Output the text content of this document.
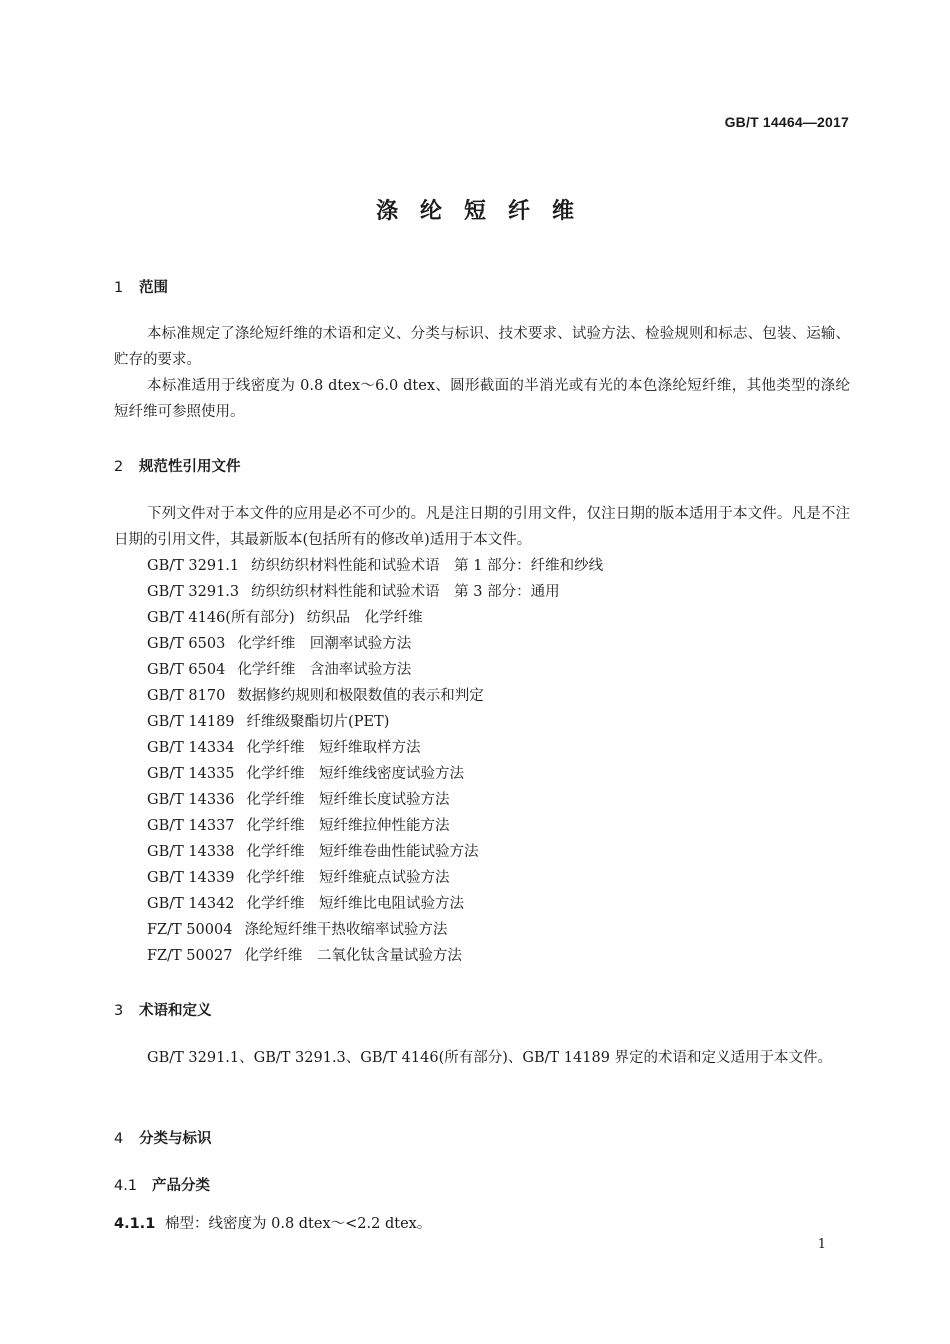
GB/T 14464—2017
涤纶短纤维
1 范围
本标准规定了涤纶短纤维的术语和定义、分类与标识、技术要求、试验方法、检验规则和标志、包装、运输、贮存的要求。
本标准适用于线密度为 0.8 dtex～6.0 dtex、圆形截面的半消光或有光的本色涤纶短纤维，其他类型的涤纶短纤维可参照使用。
2 规范性引用文件
下列文件对于本文件的应用是必不可少的。凡是注日期的引用文件，仅注日期的版本适用于本文件。凡是不注日期的引用文件，其最新版本(包括所有的修改单)适用于本文件。
GB/T 3291.1 纺织纺织材料性能和试验术语　第 1 部分：纤维和纱线
GB/T 3291.3 纺织纺织材料性能和试验术语　第 3 部分：通用
GB/T 4146(所有部分) 纺织品　化学纤维
GB/T 6503 化学纤维　回潮率试验方法
GB/T 6504 化学纤维　含油率试验方法
GB/T 8170 数据修约规则和极限数值的表示和判定
GB/T 14189 纤维级聚酯切片(PET)
GB/T 14334 化学纤维　短纤维取样方法
GB/T 14335 化学纤维　短纤维线密度试验方法
GB/T 14336 化学纤维　短纤维长度试验方法
GB/T 14337 化学纤维　短纤维拉伸性能方法
GB/T 14338 化学纤维　短纤维卷曲性能试验方法
GB/T 14339 化学纤维　短纤维疵点试验方法
GB/T 14342 化学纤维　短纤维比电阻试验方法
FZ/T 50004 涤纶短纤维干热收缩率试验方法
FZ/T 50027 化学纤维　二氧化钛含量试验方法
3 术语和定义
GB/T 3291.1、GB/T 3291.3、GB/T 4146(所有部分)、GB/T 14189 界定的术语和定义适用于本文件。
4 分类与标识
4.1 产品分类
4.1.1 棉型：线密度为 0.8 dtex～<2.2 dtex。
1
